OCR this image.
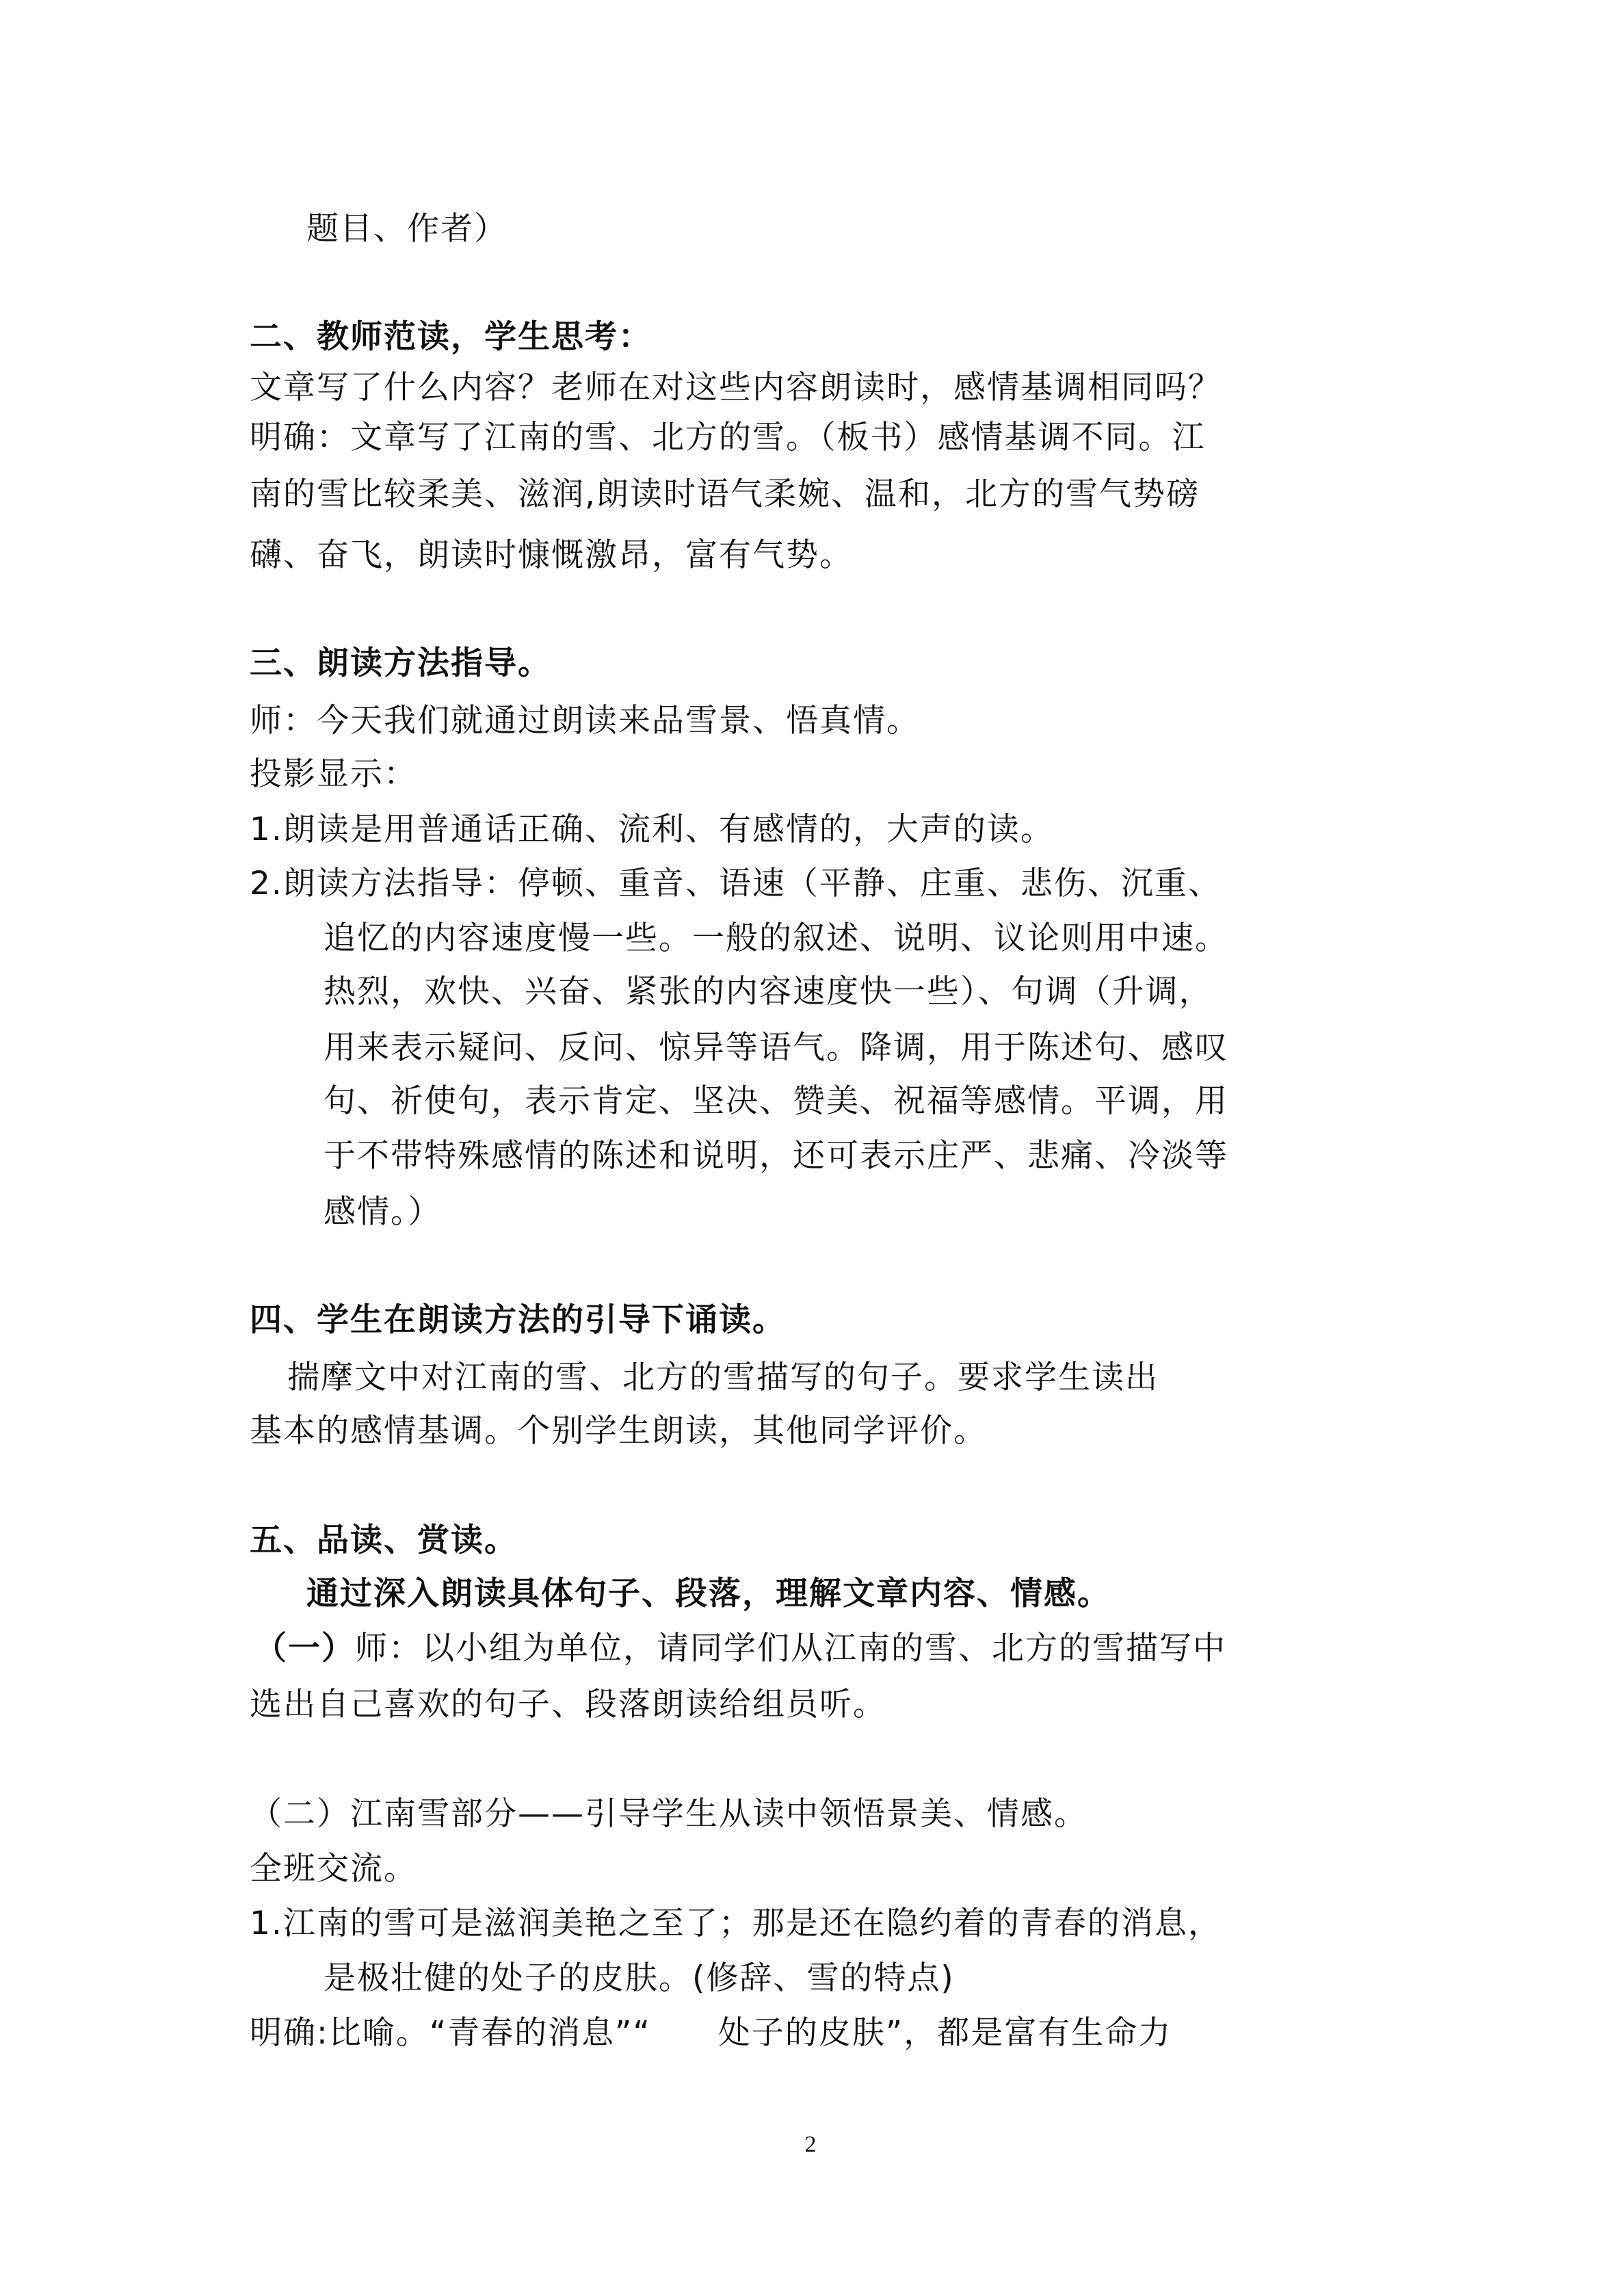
题目、作者）
二、教师范读，学生思考：
文章写了什么内容？老师在对这些内容朗读时，感情基调相同吗？
明确：文章写了江南的雪、北方的雪。（板书）感情基调不同。江
南的雪比较柔美、滋润,朗读时语气柔婉、温和，北方的雪气势磅
礴、奋飞，朗读时慷慨激昂，富有气势。
三、朗读方法指导。
师：今天我们就通过朗读来品雪景、悟真情。
投影显示：
1.朗读是用普通话正确、流利、有感情的，大声的读。
2.朗读方法指导：停顿、重音、语速（平静、庄重、悲伤、沉重、
追忆的内容速度慢一些。一般的叙述、说明、议论则用中速。
热烈，欢快、兴奋、紧张的内容速度快一些）、句调（升调，
用来表示疑问、反问、惊异等语气。降调，用于陈述句、感叹
句、祈使句，表示肯定、坚决、赞美、祝福等感情。平调，用
于不带特殊感情的陈述和说明，还可表示庄严、悲痛、冷淡等
感情。）
四、学生在朗读方法的引导下诵读。
揣摩文中对江南的雪、北方的雪描写的句子。要求学生读出
基本的感情基调。个别学生朗读，其他同学评价。
五、品读、赏读。
通过深入朗读具体句子、段落，理解文章内容、情感。
（一）师：以小组为单位，请同学们从江南的雪、北方的雪描写中
选出自己喜欢的句子、段落朗读给组员听。
（二）江南雪部分——引导学生从读中领悟景美、情感。
全班交流。
1.江南的雪可是滋润美艳之至了；那是还在隐约着的青春的消息，
是极壮健的处子的皮肤。(修辞、雪的特点)
明确:比喻。“青春的消息”“　　处子的皮肤”，都是富有生命力
2
